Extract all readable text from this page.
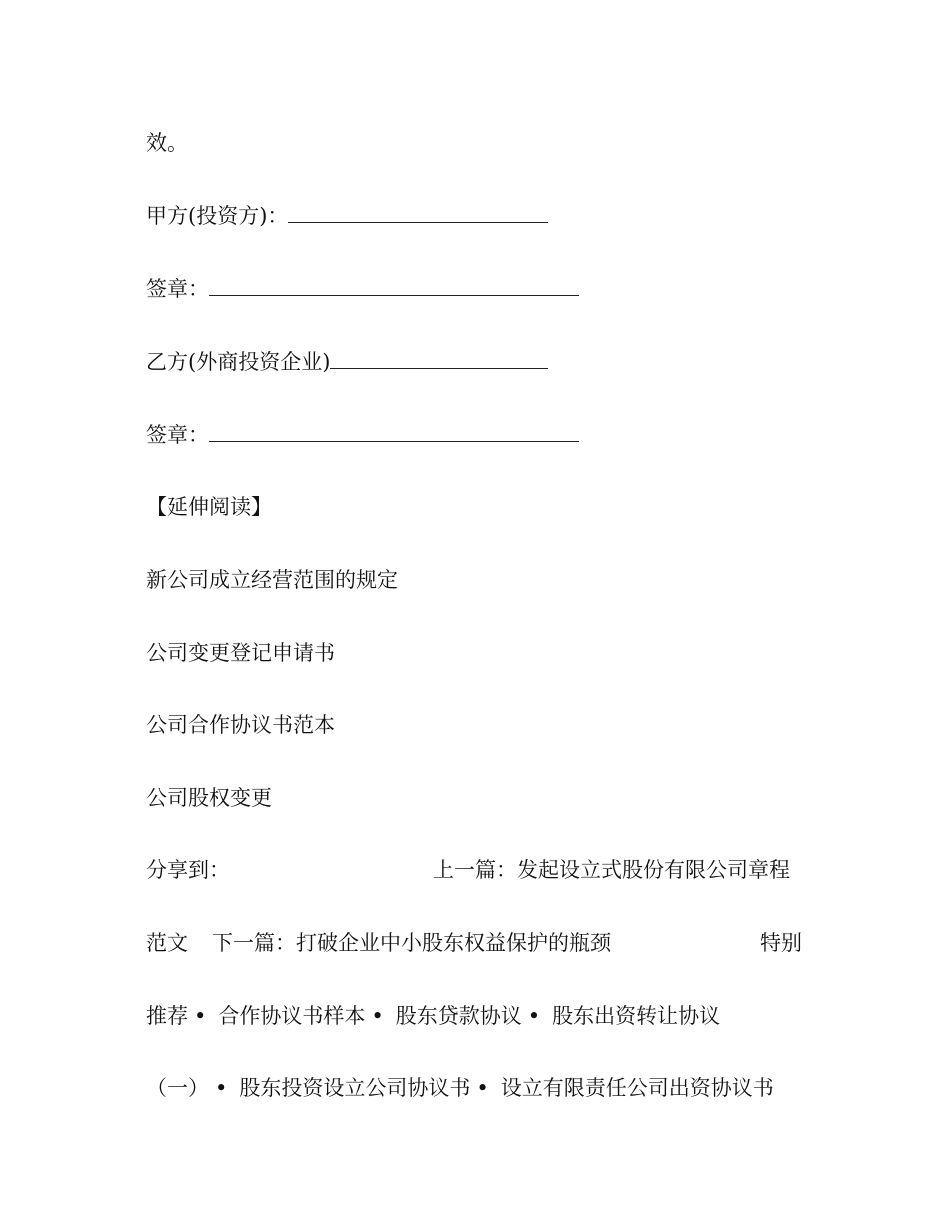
效。
甲方(投资方)：
签章：
乙方(外商投资企业)
签章：
【延伸阅读】
新公司成立经营范围的规定
公司变更登记申请书
公司合作协议书范本
公司股权变更
分享到：	上一篇：发起设立式股份有限公司章程
范文 下一篇：打破企业中小股东权益保护的瓶颈	特别
推荐 • 合作协议书样本 • 股东贷款协议 • 股东出资转让协议
（一） • 股东投资设立公司协议书 • 设立有限责任公司出资协议书
